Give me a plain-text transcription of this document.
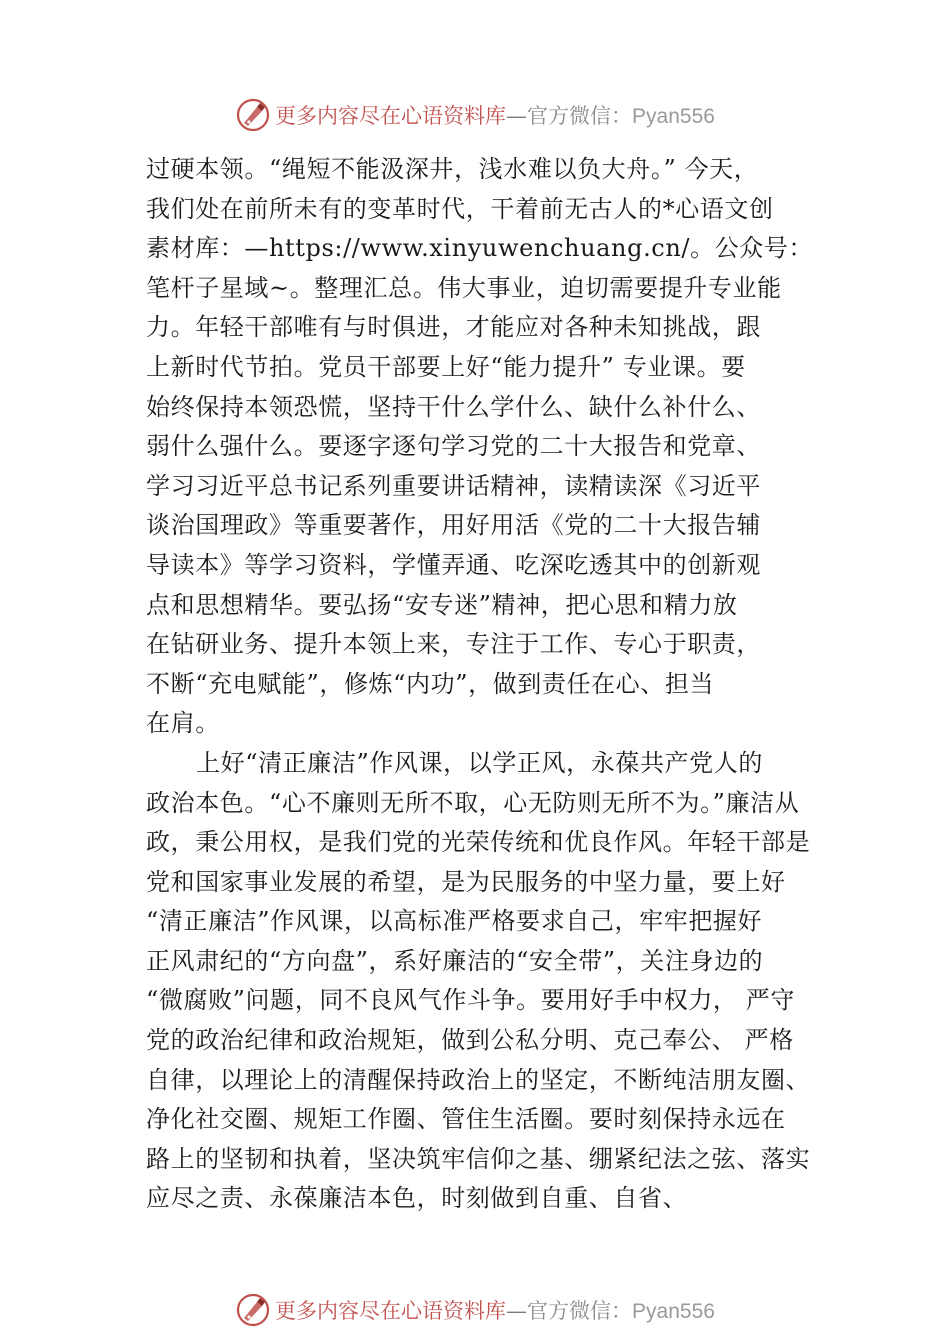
更多内容尽在心语资料库—官方微信：Pyan556
过硬本领。“绳短不能汲深井，浅水难以负大舟。” 今天，
我们处在前所未有的变革时代，干着前无古人的*心语文创
素材库：—https://www.xinyuwenchuang.cn/。公众号：
笔杆子星域~。整理汇总。伟大事业，迫切需要提升专业能
力。年轻干部唯有与时俱进，才能应对各种未知挑战，跟
上新时代节拍。党员干部要上好“能力提升” 专业课。要
始终保持本领恐慌，坚持干什么学什么、缺什么补什么、
弱什么强什么。要逐字逐句学习党的二十大报告和党章、
学习习近平总书记系列重要讲话精神，读精读深《习近平
谈治国理政》等重要著作，用好用活《党的二十大报告辅
导读本》等学习资料，学懂弄通、吃深吃透其中的创新观
点和思想精华。要弘扬“安专迷”精神，把心思和精力放
在钻研业务、提升本领上来，专注于工作、专心于职责，
不断“充电赋能”，修炼“内功”，做到责任在心、担当
在肩。
上好“清正廉洁”作风课，以学正风，永葆共产党人的
政治本色。“心不廉则无所不取，心无防则无所不为。”廉洁从
政，秉公用权，是我们党的光荣传统和优良作风。年轻干部是
党和国家事业发展的希望，是为民服务的中坚力量，要上好
“清正廉洁”作风课，以高标准严格要求自己，牢牢把握好
正风肃纪的“方向盘”，系好廉洁的“安全带”，关注身边的
“微腐败”问题，同不良风气作斗争。要用好手中权力， 严守
党的政治纪律和政治规矩，做到公私分明、克己奉公、 严格
自律，以理论上的清醒保持政治上的坚定，不断纯洁朋友圈、
净化社交圈、规矩工作圈、管住生活圈。要时刻保持永远在
路上的坚韧和执着，坚决筑牢信仰之基、绷紧纪法之弦、落实
应尽之责、永葆廉洁本色，时刻做到自重、自省、
更多内容尽在心语资料库—官方微信：Pyan556
